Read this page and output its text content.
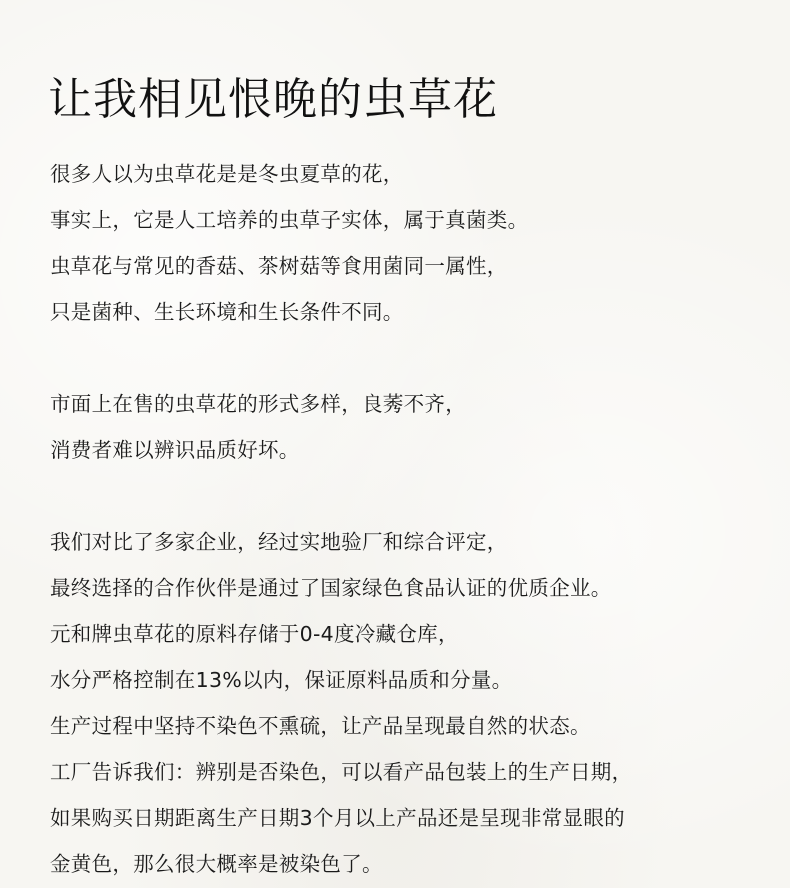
让我相见恨晚的虫草花
很多人以为虫草花是是冬虫夏草的花，
事实上，它是人工培养的虫草子实体，属于真菌类。
虫草花与常见的香菇、茶树菇等食用菌同一属性，
只是菌种、生长环境和生长条件不同。
市面上在售的虫草花的形式多样，良莠不齐，
消费者难以辨识品质好坏。
我们对比了多家企业，经过实地验厂和综合评定，
最终选择的合作伙伴是通过了国家绿色食品认证的优质企业。
元和牌虫草花的原料存储于0-4度冷藏仓库，
水分严格控制在13%以内，保证原料品质和分量。
生产过程中坚持不染色不熏硫，让产品呈现最自然的状态。
工厂告诉我们：辨别是否染色，可以看产品包装上的生产日期，
如果购买日期距离生产日期3个月以上产品还是呈现非常显眼的
金黄色，那么很大概率是被染色了。
